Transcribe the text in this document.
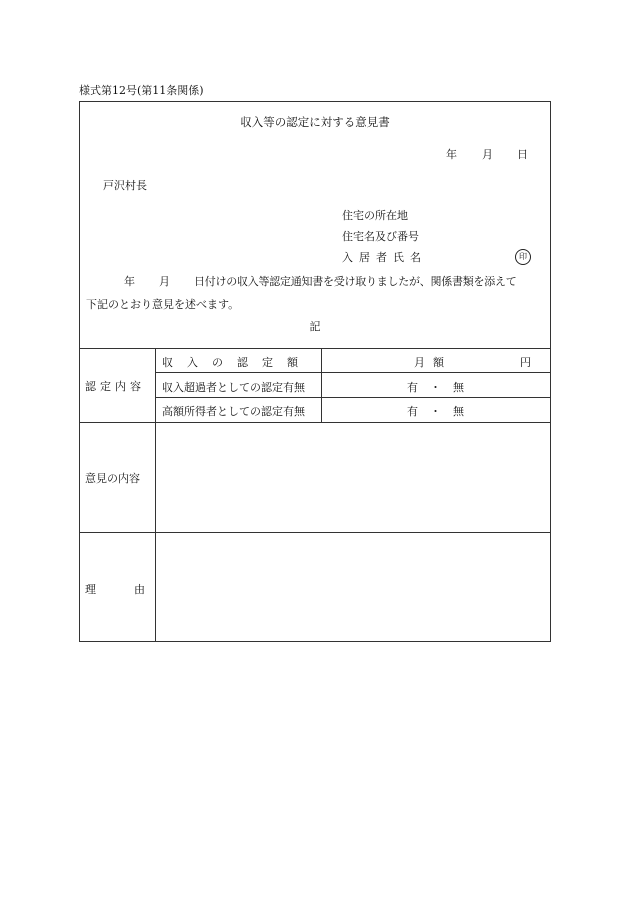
様式第12号(第11条関係)
収入等の認定に対する意見書
年 月 日
戸沢村長
住宅の所在地
住宅名及び番号
入居者氏名	印
年 月 日付けの収入等認定通知書を受け取りましたが、関係書類を添えて
下記のとおり意見を述べます。
記
認定内容
収入の認定額	月額	円
収入超過者としての認定有無	有・無
高額所得者としての認定有無	有・無
意見の内容
理由
